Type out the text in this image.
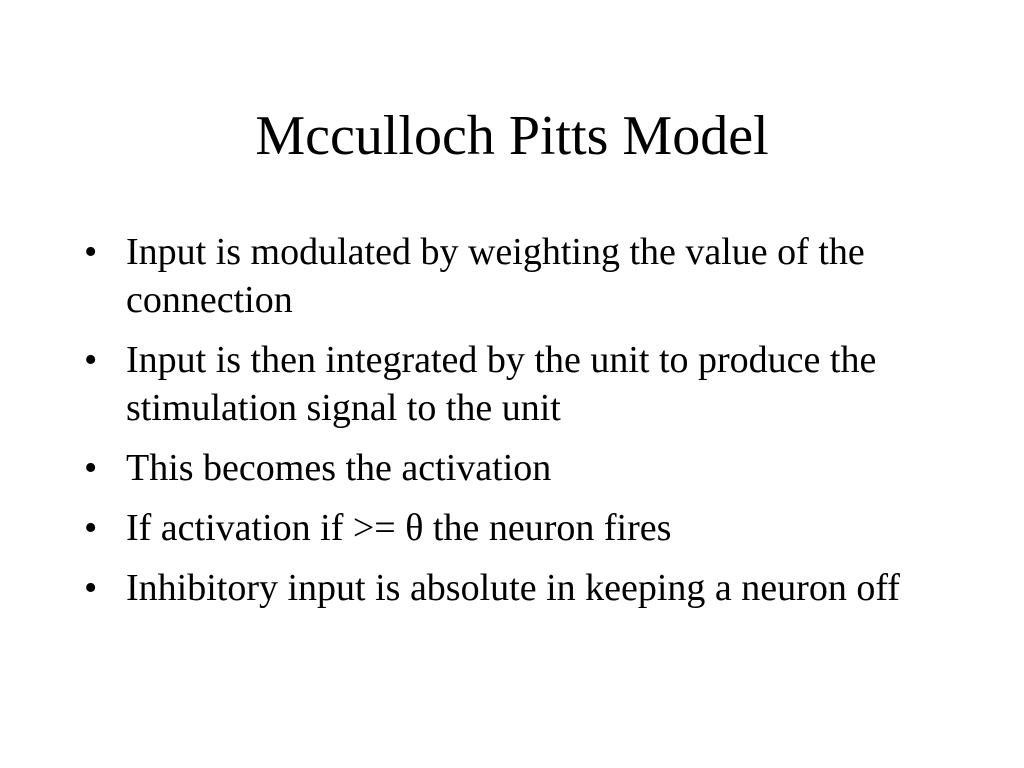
Mcculloch Pitts Model
• Input is modulated by weighting the value of the connection
• Input is then integrated by the unit to produce the stimulation signal to the unit
• This becomes the activation
• If activation if >= θ the neuron fires
• Inhibitory input is absolute in keeping a neuron off
